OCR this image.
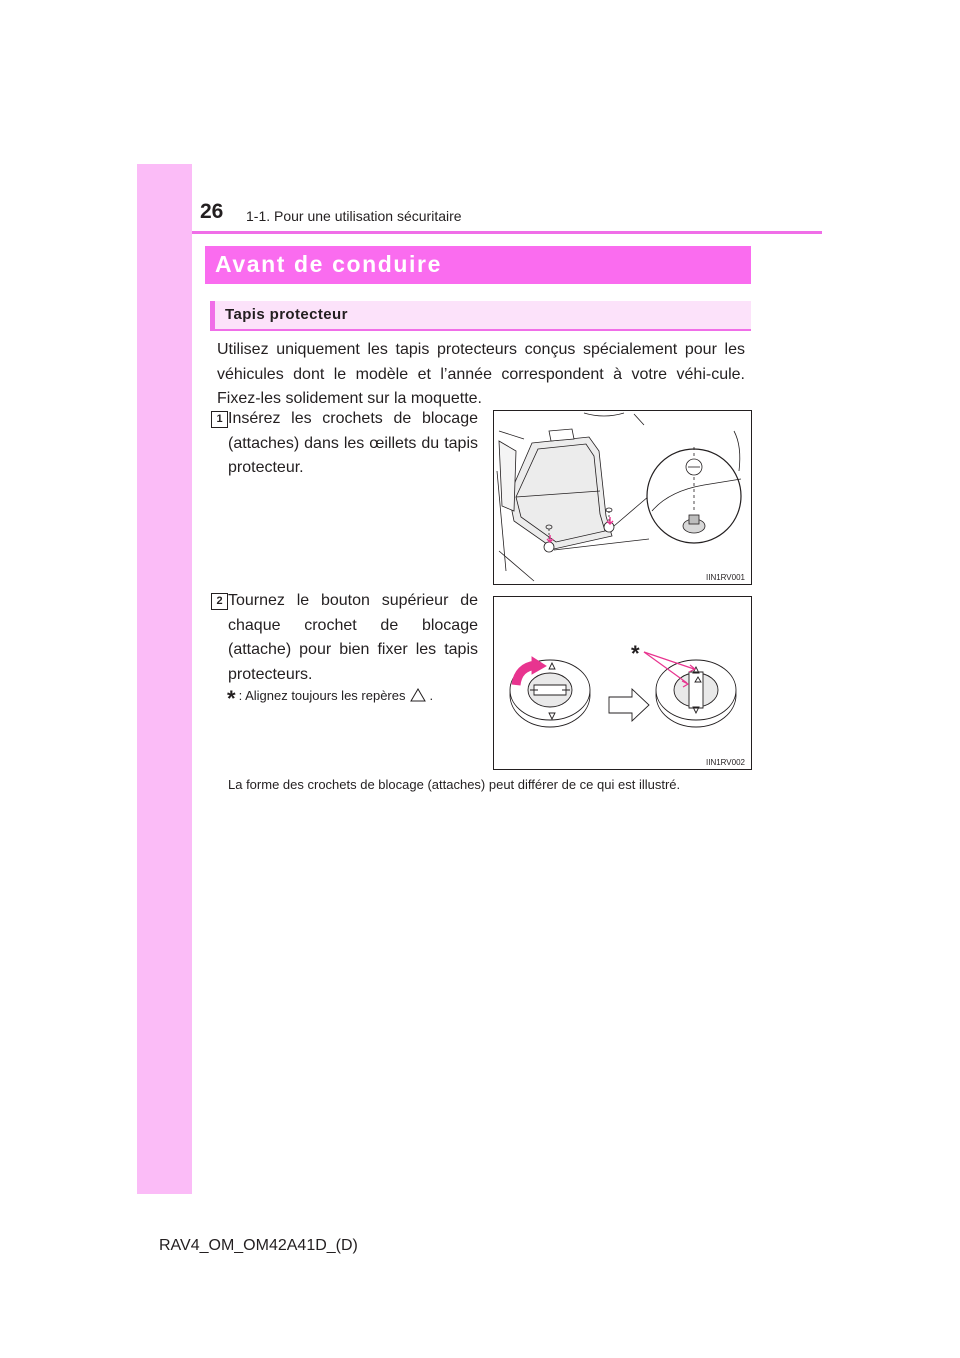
26 1-1. Pour une utilisation sécuritaire
Avant de conduire
Tapis protecteur
Utilisez uniquement les tapis protecteurs conçus spécialement pour les véhicules dont le modèle et l’année correspondent à votre véhi-cule. Fixez-les solidement sur la moquette.
1 Insérez les crochets de blocage (attaches) dans les œillets du tapis protecteur.
IIN1RV001
2 Tournez le bouton supérieur de chaque crochet de blocage (attache) pour bien fixer les tapis protecteurs.
* : Alignez toujours les repères .
*
IIN1RV002
La forme des crochets de blocage (attaches) peut différer de ce qui est illustré.
RAV4_OM_OM42A41D_(D)
